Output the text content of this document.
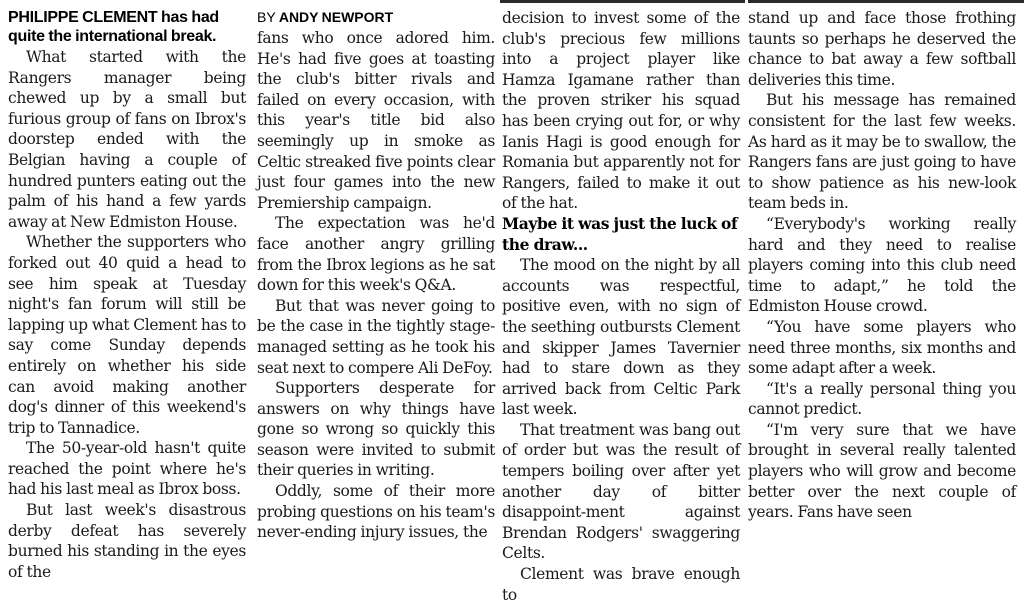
PHILIPPE CLEMENT has had quite the international break.

What started with the Rangers manager being chewed up by a small but furious group of fans on Ibrox's doorstep ended with the Belgian having a couple of hundred punters eating out the palm of his hand a few yards away at New Edmiston House.

Whether the supporters who forked out 40 quid a head to see him speak at Tuesday night's fan forum will still be lapping up what Clement has to say come Sunday depends entirely on whether his side can avoid making another dog's dinner of this weekend's trip to Tannadice.

The 50-year-old hasn't quite reached the point where he's had his last meal as Ibrox boss.

But last week's disastrous derby defeat has severely burned his standing in the eyes of the

BY ANDY NEWPORT

fans who once adored him. He's had five goes at toasting the club's bitter rivals and failed on every occasion, with this year's title bid also seemingly up in smoke as Celtic streaked five points clear just four games into the new Premiership campaign.

The expectation was he'd face another angry grilling from the Ibrox legions as he sat down for this week's Q&A.

But that was never going to be the case in the tightly stage-managed setting as he took his seat next to compere Ali DeFoy.

Supporters desperate for answers on why things have gone so wrong so quickly this season were invited to submit their queries in writing.

Oddly, some of their more probing questions on his team's never-ending injury issues, the

decision to invest some of the club's precious few millions into a project player like Hamza Igamane rather than the proven striker his squad has been crying out for, or why Ianis Hagi is good enough for Romania but apparently not for Rangers, failed to make it out of the hat.

Maybe it was just the luck of the draw...

The mood on the night by all accounts was respectful, positive even, with no sign of the seething outbursts Clement and skipper James Tavernier had to stare down as they arrived back from Celtic Park last week.

That treatment was bang out of order but was the result of tempers boiling over after yet another day of bitter disappoint-ment against Brendan Rodgers' swaggering Celts.

Clement was brave enough to

stand up and face those frothing taunts so perhaps he deserved the chance to bat away a few softball deliveries this time.

But his message has remained consistent for the last few weeks. As hard as it may be to swallow, the Rangers fans are just going to have to show patience as his new-look team beds in.

“Everybody's working really hard and they need to realise players coming into this club need time to adapt,” he told the Edmiston House crowd.

“You have some players who need three months, six months and some adapt after a week.

“It's a really personal thing you cannot predict.

“I'm very sure that we have brought in several really talented players who will grow and become better over the next couple of years. Fans have seen
